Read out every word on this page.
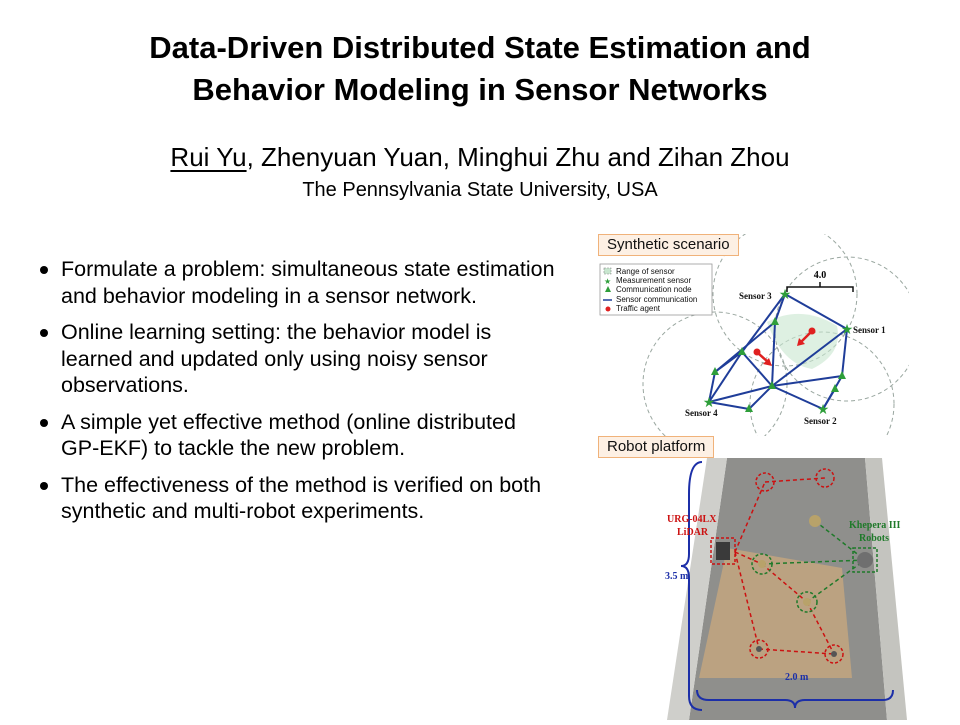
Data-Driven Distributed State Estimation and
Behavior Modeling in Sensor Networks
Rui Yu, Zhenyuan Yuan, Minghui Zhu and Zihan Zhou
The Pennsylvania State University, USA
Formulate a problem: simultaneous state estimation and behavior modeling in a sensor network.
Online learning setting: the behavior model is learned and updated only using noisy sensor observations.
A simple yet effective method (online distributed GP-EKF) to tackle the new problem.
The effectiveness of the method is verified on both synthetic and multi-robot experiments.
★
★
★	★
4.0
Sensor 3
Sensor 1
Sensor 4
Sensor 2
★
Range of sensor
Measurement sensor
Communication node
Sensor communication
Traffic agent
Synthetic scenario
URG-04LX
LiDAR
Khepera III
Robots
3.5 m
2.0 m
Robot platform
